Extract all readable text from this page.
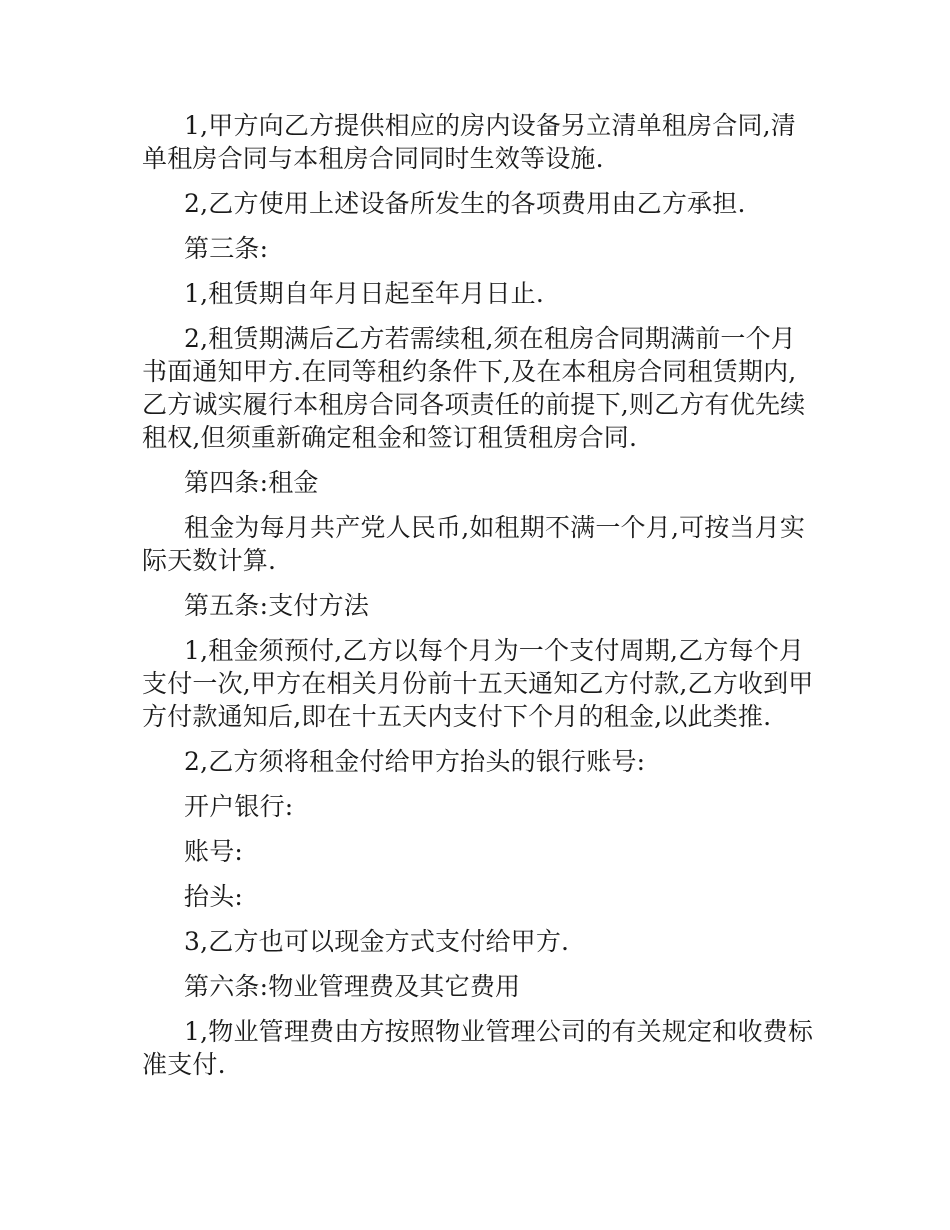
1,甲方向乙方提供相应的房内设备另立清单租房合同,清单租房合同与本租房合同同时生效等设施.

2,乙方使用上述设备所发生的各项费用由乙方承担.

第三条:

1,租赁期自年月日起至年月日止.

2,租赁期满后乙方若需续租,须在租房合同期满前一个月书面通知甲方.在同等租约条件下,及在本租房合同租赁期内,乙方诚实履行本租房合同各项责任的前提下,则乙方有优先续租权,但须重新确定租金和签订租赁租房合同.

第四条:租金

租金为每月共产党人民币,如租期不满一个月,可按当月实际天数计算.

第五条:支付方法

1,租金须预付,乙方以每个月为一个支付周期,乙方每个月支付一次,甲方在相关月份前十五天通知乙方付款,乙方收到甲方付款通知后,即在十五天内支付下个月的租金,以此类推.

2,乙方须将租金付给甲方抬头的银行账号:

开户银行:

账号:

抬头:

3,乙方也可以现金方式支付给甲方.

第六条:物业管理费及其它费用

1,物业管理费由方按照物业管理公司的有关规定和收费标准支付.
